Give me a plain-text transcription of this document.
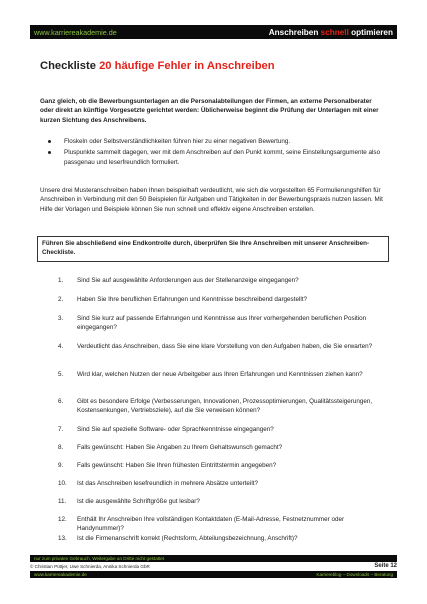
www.karriereakademie.de	Anschreiben schnell optimieren
Checkliste 20 häufige Fehler in Anschreiben
Ganz gleich, ob die Bewerbungsunterlagen an die Personalabteilungen der Firmen, an externe Personalberater oder direkt an künftige Vorgesetzte gerichtet werden: Üblicherweise beginnt die Prüfung der Unterlagen mit einer kurzen Sichtung des Anschreibens.
Floskeln oder Selbstverständlichkeiten führen hier zu einer negativen Bewertung.
Pluspunkte sammelt dagegen, wer mit dem Anschreiben auf den Punkt kommt, seine Einstellungsargumente also passgenau und leserfreundlich formuliert.
Unsere drei Musteranschreiben haben Ihnen beispielhaft verdeutlicht, wie sich die vorgestellten 65 Formulierungshilfen für Anschreiben in Verbindung mit den 50 Beispielen für Aufgaben und Tätigkeiten in der Bewerbungspraxis nutzen lassen. Mit Hilfe der Vorlagen und Beispiele können Sie nun schnell und effektiv eigene Anschreiben erstellen.
Führen Sie abschließend eine Endkontrolle durch, überprüfen Sie Ihre Anschreiben mit unserer Anschreiben-Checkliste.
1.	Sind Sie auf ausgewählte Anforderungen aus der Stellenanzeige eingegangen?
2.	Haben Sie Ihre beruflichen Erfahrungen und Kenntnisse beschreibend dargestellt?
3.	Sind Sie kurz auf passende Erfahrungen und Kenntnisse aus Ihrer vorhergehenden beruflichen Position eingegangen?
4.	Verdeutlicht das Anschreiben, dass Sie eine klare Vorstellung von den Aufgaben haben, die Sie erwarten?
5.	Wird klar, welchen Nutzen der neue Arbeitgeber aus Ihren Erfahrungen und Kenntnissen ziehen kann?
6.	Gibt es besondere Erfolge (Verbesserungen, Innovationen, Prozessoptimierungen, Qualitätssteigerungen, Kostensenkungen, Vertriebsziele), auf die Sie verweisen können?
7.	Sind Sie auf spezielle Software- oder Sprachkenntnisse eingegangen?
8.	Falls gewünscht: Haben Sie Angaben zu Ihrem Gehaltswunsch gemacht?
9.	Falls gewünscht: Haben Sie Ihren frühesten Eintrittstermin angegeben?
10.	Ist das Anschreiben lesefreundlich in mehrere Absätze unterteilt?
11.	Ist die ausgewählte Schriftgröße gut lesbar?
12.	Enthält Ihr Anschreiben Ihre vollständigen Kontaktdaten (E-Mail-Adresse, Festnetznummer oder Handynummer)?
13.	Ist die Firmenanschrift korrekt (Rechtsform, Abteilungsbezeichnung, Anschrift)?
nur zum privaten Gebrauch, Weitergabe an Dritte nicht gestattet
© Christian Püttjer, Uwe Schnierda, Annika Schnierda GbR	Seite 12
www.karriereakademie.de	Karriereblog – Downloads – Beratung
